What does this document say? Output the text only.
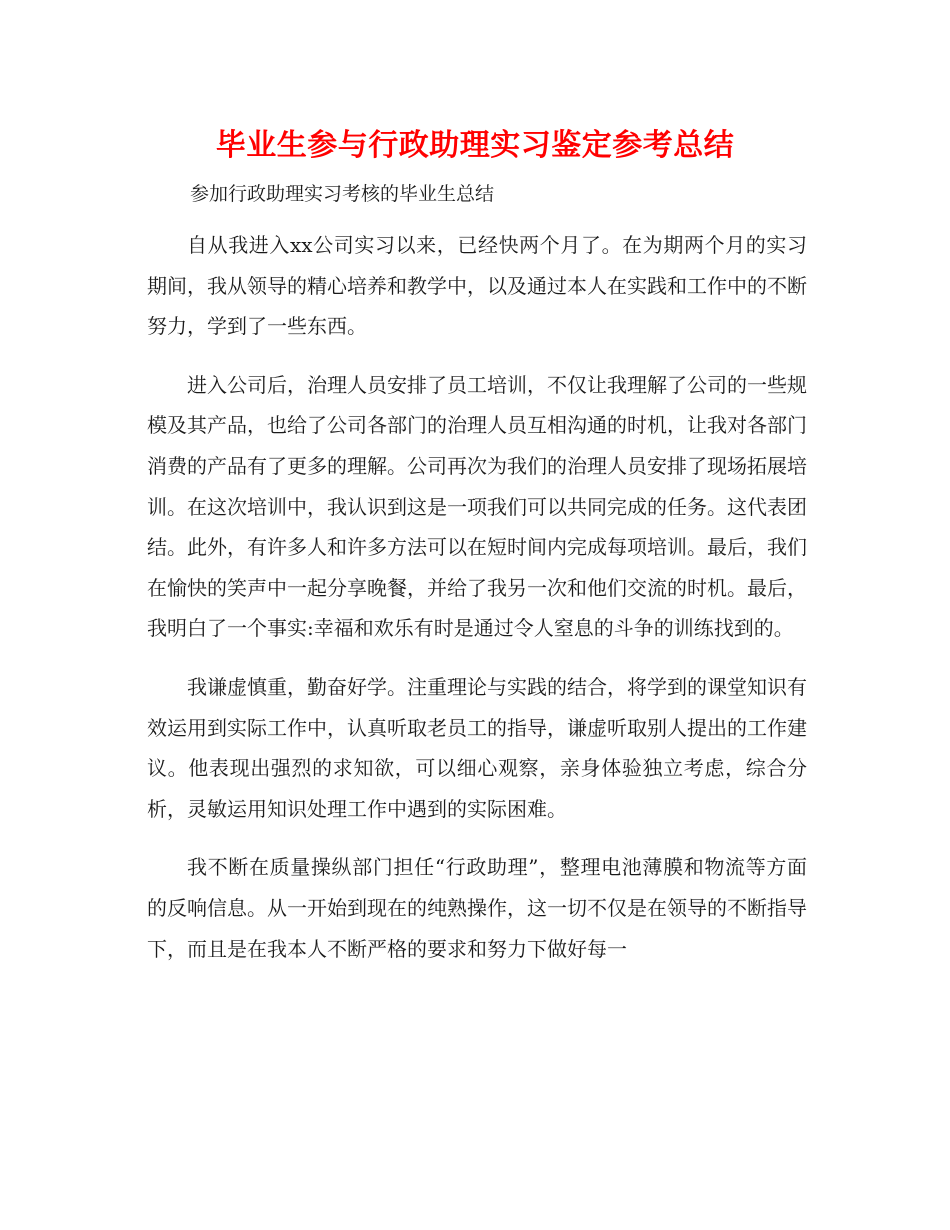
毕业生参与行政助理实习鉴定参考总结
参加行政助理实习考核的毕业生总结

自从我进入xx公司实习以来，已经快两个月了。在为期两个月的实习期间，我从领导的精心培养和教学中，以及通过本人在实践和工作中的不断努力，学到了一些东西。

进入公司后，治理人员安排了员工培训，不仅让我理解了公司的一些规模及其产品，也给了公司各部门的治理人员互相沟通的时机，让我对各部门消费的产品有了更多的理解。公司再次为我们的治理人员安排了现场拓展培训。在这次培训中，我认识到这是一项我们可以共同完成的任务。这代表团结。此外，有许多人和许多方法可以在短时间内完成每项培训。最后，我们在愉快的笑声中一起分享晚餐，并给了我另一次和他们交流的时机。最后，我明白了一个事实:幸福和欢乐有时是通过令人窒息的斗争的训练找到的。

我谦虚慎重，勤奋好学。注重理论与实践的结合，将学到的课堂知识有效运用到实际工作中，认真听取老员工的指导，谦虚听取别人提出的工作建议。他表现出强烈的求知欲，可以细心观察，亲身体验独立考虑，综合分析，灵敏运用知识处理工作中遇到的实际困难。

我不断在质量操纵部门担任“行政助理”，整理电池薄膜和物流等方面的反响信息。从一开始到现在的纯熟操作，这一切不仅是在领导的不断指导下，而且是在我本人不断严格的要求和努力下做好每一
